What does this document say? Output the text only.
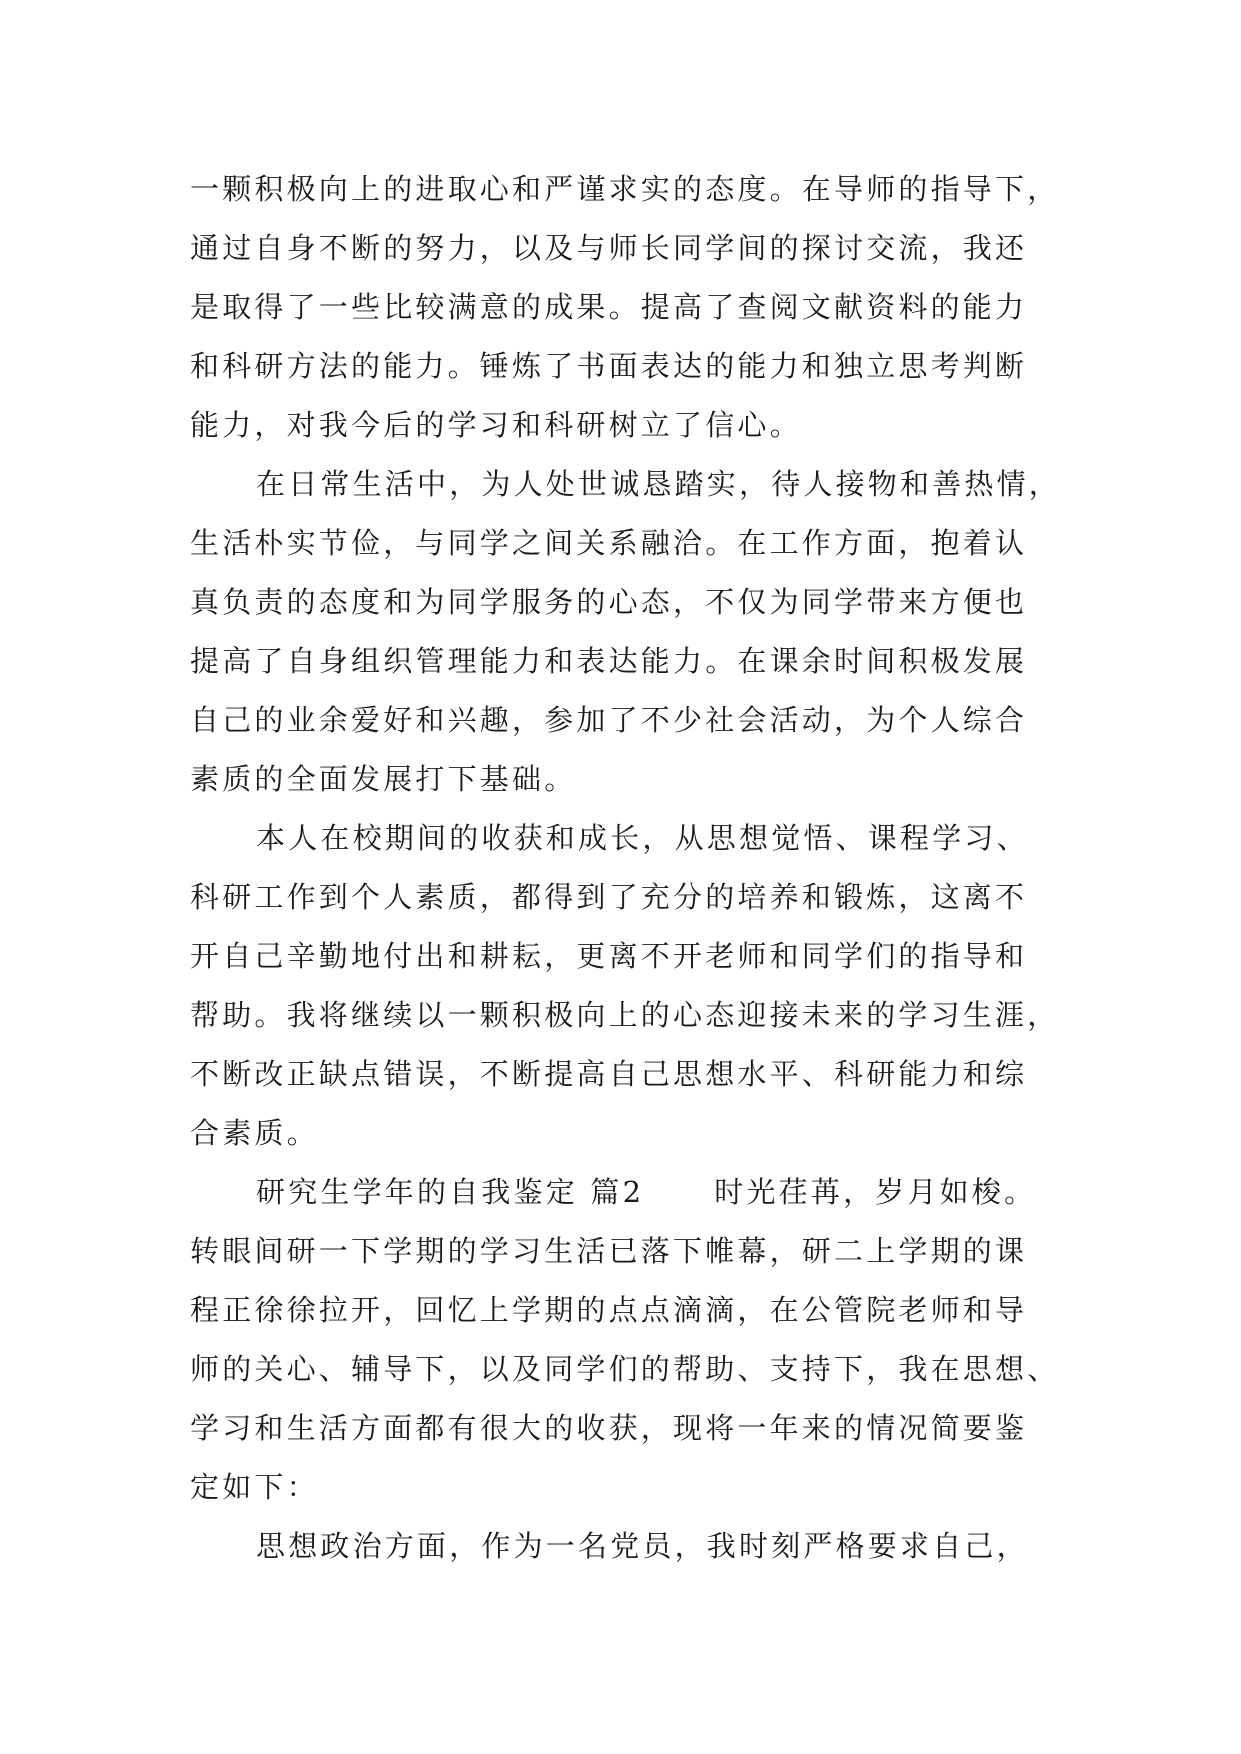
一颗积极向上的进取心和严谨求实的态度。在导师的指导下，
通过自身不断的努力，以及与师长同学间的探讨交流，我还
是取得了一些比较满意的成果。提高了查阅文献资料的能力
和科研方法的能力。锤炼了书面表达的能力和独立思考判断
能力，对我今后的学习和科研树立了信心。
在日常生活中，为人处世诚恳踏实，待人接物和善热情，
生活朴实节俭，与同学之间关系融洽。在工作方面，抱着认
真负责的态度和为同学服务的心态，不仅为同学带来方便也
提高了自身组织管理能力和表达能力。在课余时间积极发展
自己的业余爱好和兴趣，参加了不少社会活动，为个人综合
素质的全面发展打下基础。
本人在校期间的收获和成长，从思想觉悟、课程学习、
科研工作到个人素质，都得到了充分的培养和锻炼，这离不
开自己辛勤地付出和耕耘，更离不开老师和同学们的指导和
帮助。我将继续以一颗积极向上的心态迎接未来的学习生涯，
不断改正缺点错误，不断提高自己思想水平、科研能力和综
合素质。
研究生学年的自我鉴定 篇2 时光荏苒，岁月如梭。
转眼间研一下学期的学习生活已落下帷幕，研二上学期的课
程正徐徐拉开，回忆上学期的点点滴滴，在公管院老师和导
师的关心、辅导下，以及同学们的帮助、支持下，我在思想、
学习和生活方面都有很大的收获，现将一年来的情况简要鉴
定如下：
思想政治方面，作为一名党员，我时刻严格要求自己，
